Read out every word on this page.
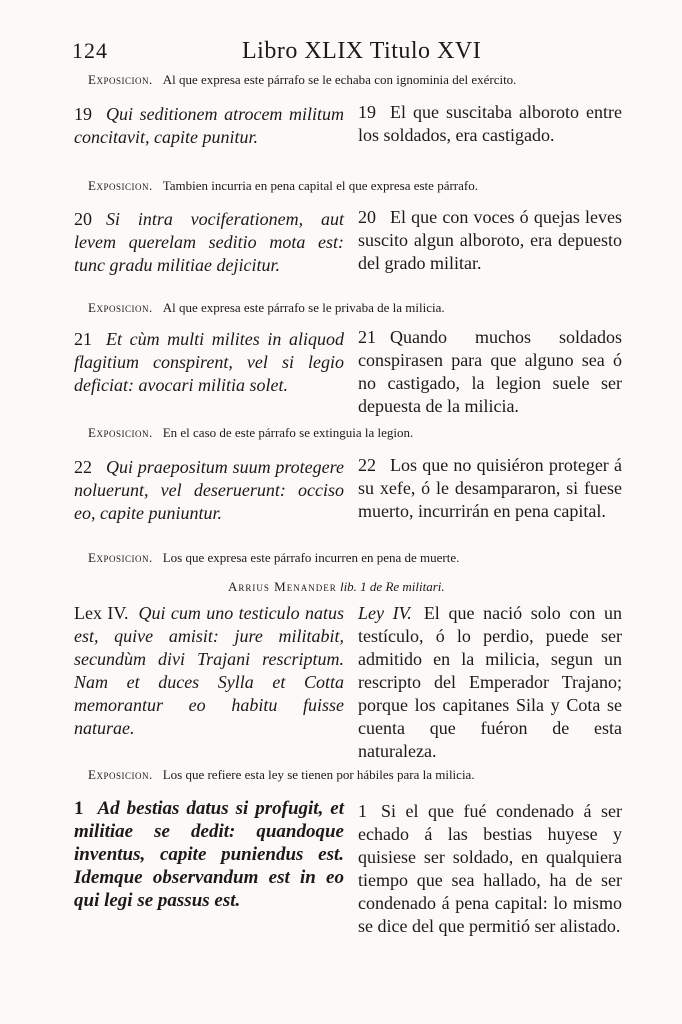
124	Libro XLIX Titulo XVI
Exposicion. Al que expresa este párrafo se le echaba con ignominia del exército.
19 Qui seditionem atrocem militum concitavit, capite punitur.
19 El que suscitaba alboroto entre los soldados, era castigado.
Exposicion. Tambien incurria en pena capital el que expresa este párrafo.
20 Si intra vociferationem, aut levem querelam seditio mota est: tunc gradu militiae dejicitur.
20 El que con voces ó quejas leves suscito algun alboroto, era depuesto del grado militar.
Exposicion. Al que expresa este párrafo se le privaba de la milicia.
21 Et cùm multi milites in aliquod flagitium conspirent, vel si legio deficiat: avocari militia solet.
21 Quando muchos soldados conspirasen para que alguno sea ó no castigado, la legion suele ser depuesta de la milicia.
Exposicion. En el caso de este párrafo se extinguia la legion.
22 Qui praepositum suum protegere noluerunt, vel deseruerunt: occiso eo, capite puniuntur.
22 Los que no quisiéron proteger á su xefe, ó le desampararon, si fuese muerto, incurrirán en pena capital.
Exposicion. Los que expresa este párrafo incurren en pena de muerte.
Arrius Menander lib. 1 de Re militari.
Lex IV. Qui cum uno testiculo natus est, quive amisit: jure militabit, secundùm divi Trajani rescriptum. Nam et duces Sylla et Cotta memorantur eo habitu fuisse naturae.
Ley IV. El que nació solo con un testículo, ó lo perdio, puede ser admitido en la milicia, segun un rescripto del Emperador Trajano; porque los capitanes Sila y Cota se cuenta que fuéron de esta naturaleza.
Exposicion. Los que refiere esta ley se tienen por hábiles para la milicia.
1 Ad bestias datus si profugit, et militiae se dedit: quandoque inventus, capite puniendus est. Idemque observandum est in eo qui legi se passus est.
1 Si el que fué condenado á ser echado á las bestias huyese y quisiese ser soldado, en qualquiera tiempo que sea hallado, ha de ser condenado á pena capital: lo mismo se dice del que permitió ser alistado.
